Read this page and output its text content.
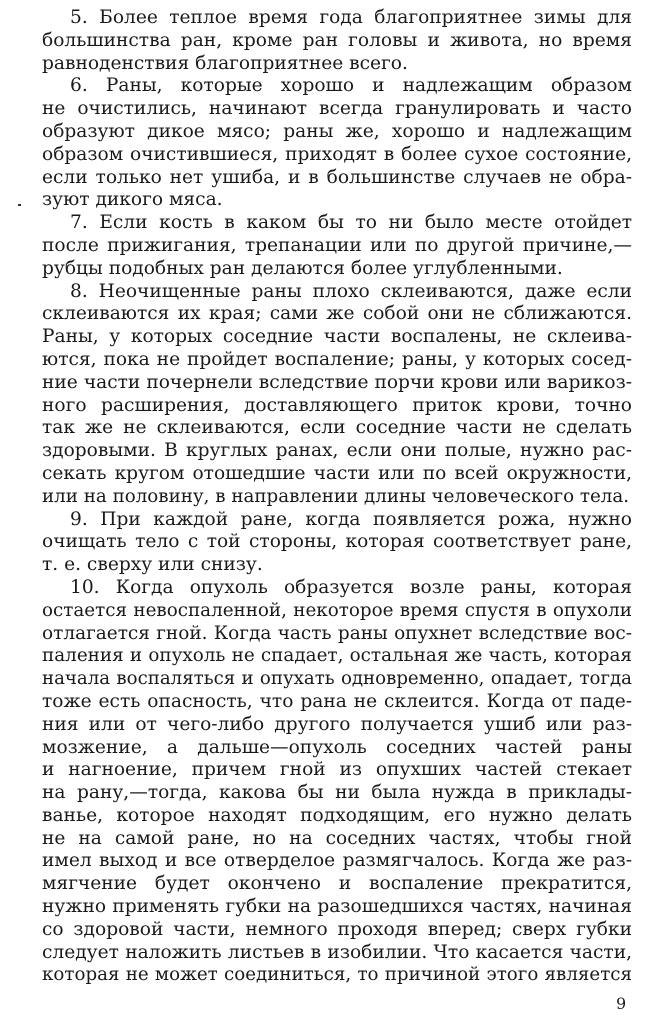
5. Более теплое время года благоприятнее зимы для
большинства ран, кроме ран головы и живота, но время
равноденствия благоприятнее всего.
6. Раны, которые хорошо и надлежащим образом
не очистились, начинают всегда гранулировать и часто
образуют дикое мясо; раны же, хорошо и надлежащим
образом очистившиеся, приходят в более сухое состояние,
если только нет ушиба, и в большинстве случаев не обра-
зуют дикого мяса.
7. Если кость в каком бы то ни было месте отойдет
после прижигания, трепанации или по другой причине,—
рубцы подобных ран делаются более углубленными.
8. Неочищенные раны плохо склеиваются, даже если
склеиваются их края; сами же собой они не сближаются.
Раны, у которых соседние части воспалены, не склеива-
ются, пока не пройдет воспаление; раны, у которых сосед-
ние части почернели вследствие порчи крови или варикоз-
ного расширения, доставляющего приток крови, точно
так же не склеиваются, если соседние части не сделать
здоровыми. В круглых ранах, если они полые, нужно рас-
секать кругом отошедшие части или по всей окружности,
или на половину, в направлении длины человеческого тела.
9. При каждой ране, когда появляется рожа, нужно
очищать тело с той стороны, которая соответствует ране,
т. е. сверху или снизу.
10. Когда опухоль образуется возле раны, которая
остается невоспаленной, некоторое время спустя в опухоли
отлагается гной. Когда часть раны опухнет вследствие вос-
паления и опухоль не спадает, остальная же часть, которая
начала воспаляться и опухать одновременно, опадает, тогда
тоже есть опасность, что рана не склеится. Когда от паде-
ния или от чего-либо другого получается ушиб или раз-
мозжение, а дальше—опухоль соседних частей раны
и нагноение, причем гной из опухших частей стекает
на рану,—тогда, какова бы ни была нужда в приклады-
ванье, которое находят подходящим, его нужно делать
не на самой ране, но на соседних частях, чтобы гной
имел выход и все отверделое размягчалось. Когда же раз-
мягчение будет окончено и воспаление прекратится,
нужно применять губки на разошедшихся частях, начиная
со здоровой части, немного проходя вперед; сверх губки
следует наложить листьев в изобилии. Что касается части,
которая не может соединиться, то причиной этого является
9
